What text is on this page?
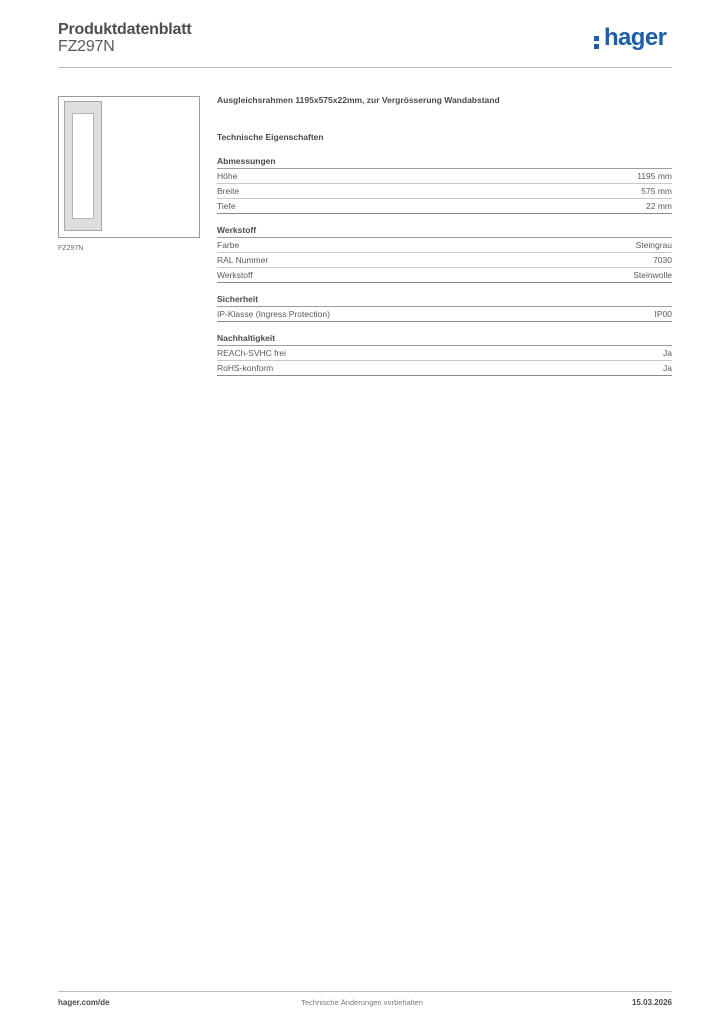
Produktdatenblatt
FZ297N	hager
FZ297N
Ausgleichsrahmen 1195x575x22mm, zur Vergrösserung Wandabstand
Technische Eigenschaften
Abmessungen
Höhe	1195 mm
Breite	575 mm
Tiefe	22 mm
Werkstoff
Farbe	Steingrau
RAL Nummer	7030
Werkstoff	Steinwolle
Sicherheit
IP-Klasse (Ingress Protection)	IP00
Nachhaltigkeit
REACh-SVHC frei	Ja
RoHS-konform	Ja
hager.com/de	Technische Änderungen vorbehalten	15.03.2026
